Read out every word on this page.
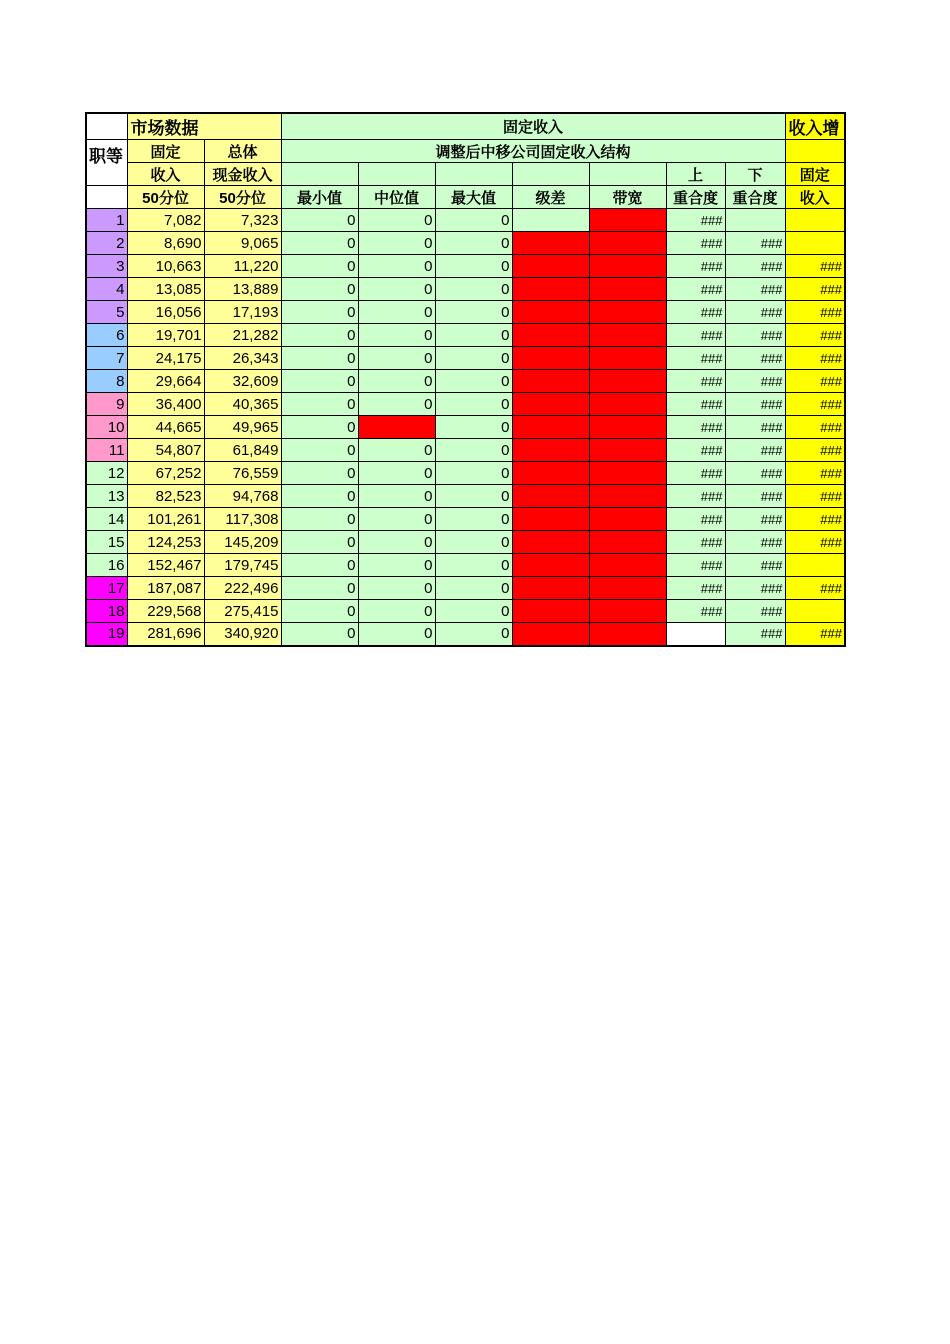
	市场数据		固定收入							收入增
职等	固定	总体	调整后中移公司固定收入结构							
	收入	现金收入						上	下	固定
	50分位	50分位	最小值	中位值	最大值	级差	带宽	重合度	重合度	收入
1	7,082	7,323	0	0	0			###		
2	8,690	9,065	0	0	0			###	###	
3	10,663	11,220	0	0	0			###	###	###
4	13,085	13,889	0	0	0			###	###	###
5	16,056	17,193	0	0	0			###	###	###
6	19,701	21,282	0	0	0			###	###	###
7	24,175	26,343	0	0	0			###	###	###
8	29,664	32,609	0	0	0			###	###	###
9	36,400	40,365	0	0	0			###	###	###
10	44,665	49,965	0		0			###	###	###
11	54,807	61,849	0	0	0			###	###	###
12	67,252	76,559	0	0	0			###	###	###
13	82,523	94,768	0	0	0			###	###	###
14	101,261	117,308	0	0	0			###	###	###
15	124,253	145,209	0	0	0			###	###	###
16	152,467	179,745	0	0	0			###	###	
17	187,087	222,496	0	0	0			###	###	###
18	229,568	275,415	0	0	0			###	###	
19	281,696	340,920	0	0	0				###	###
